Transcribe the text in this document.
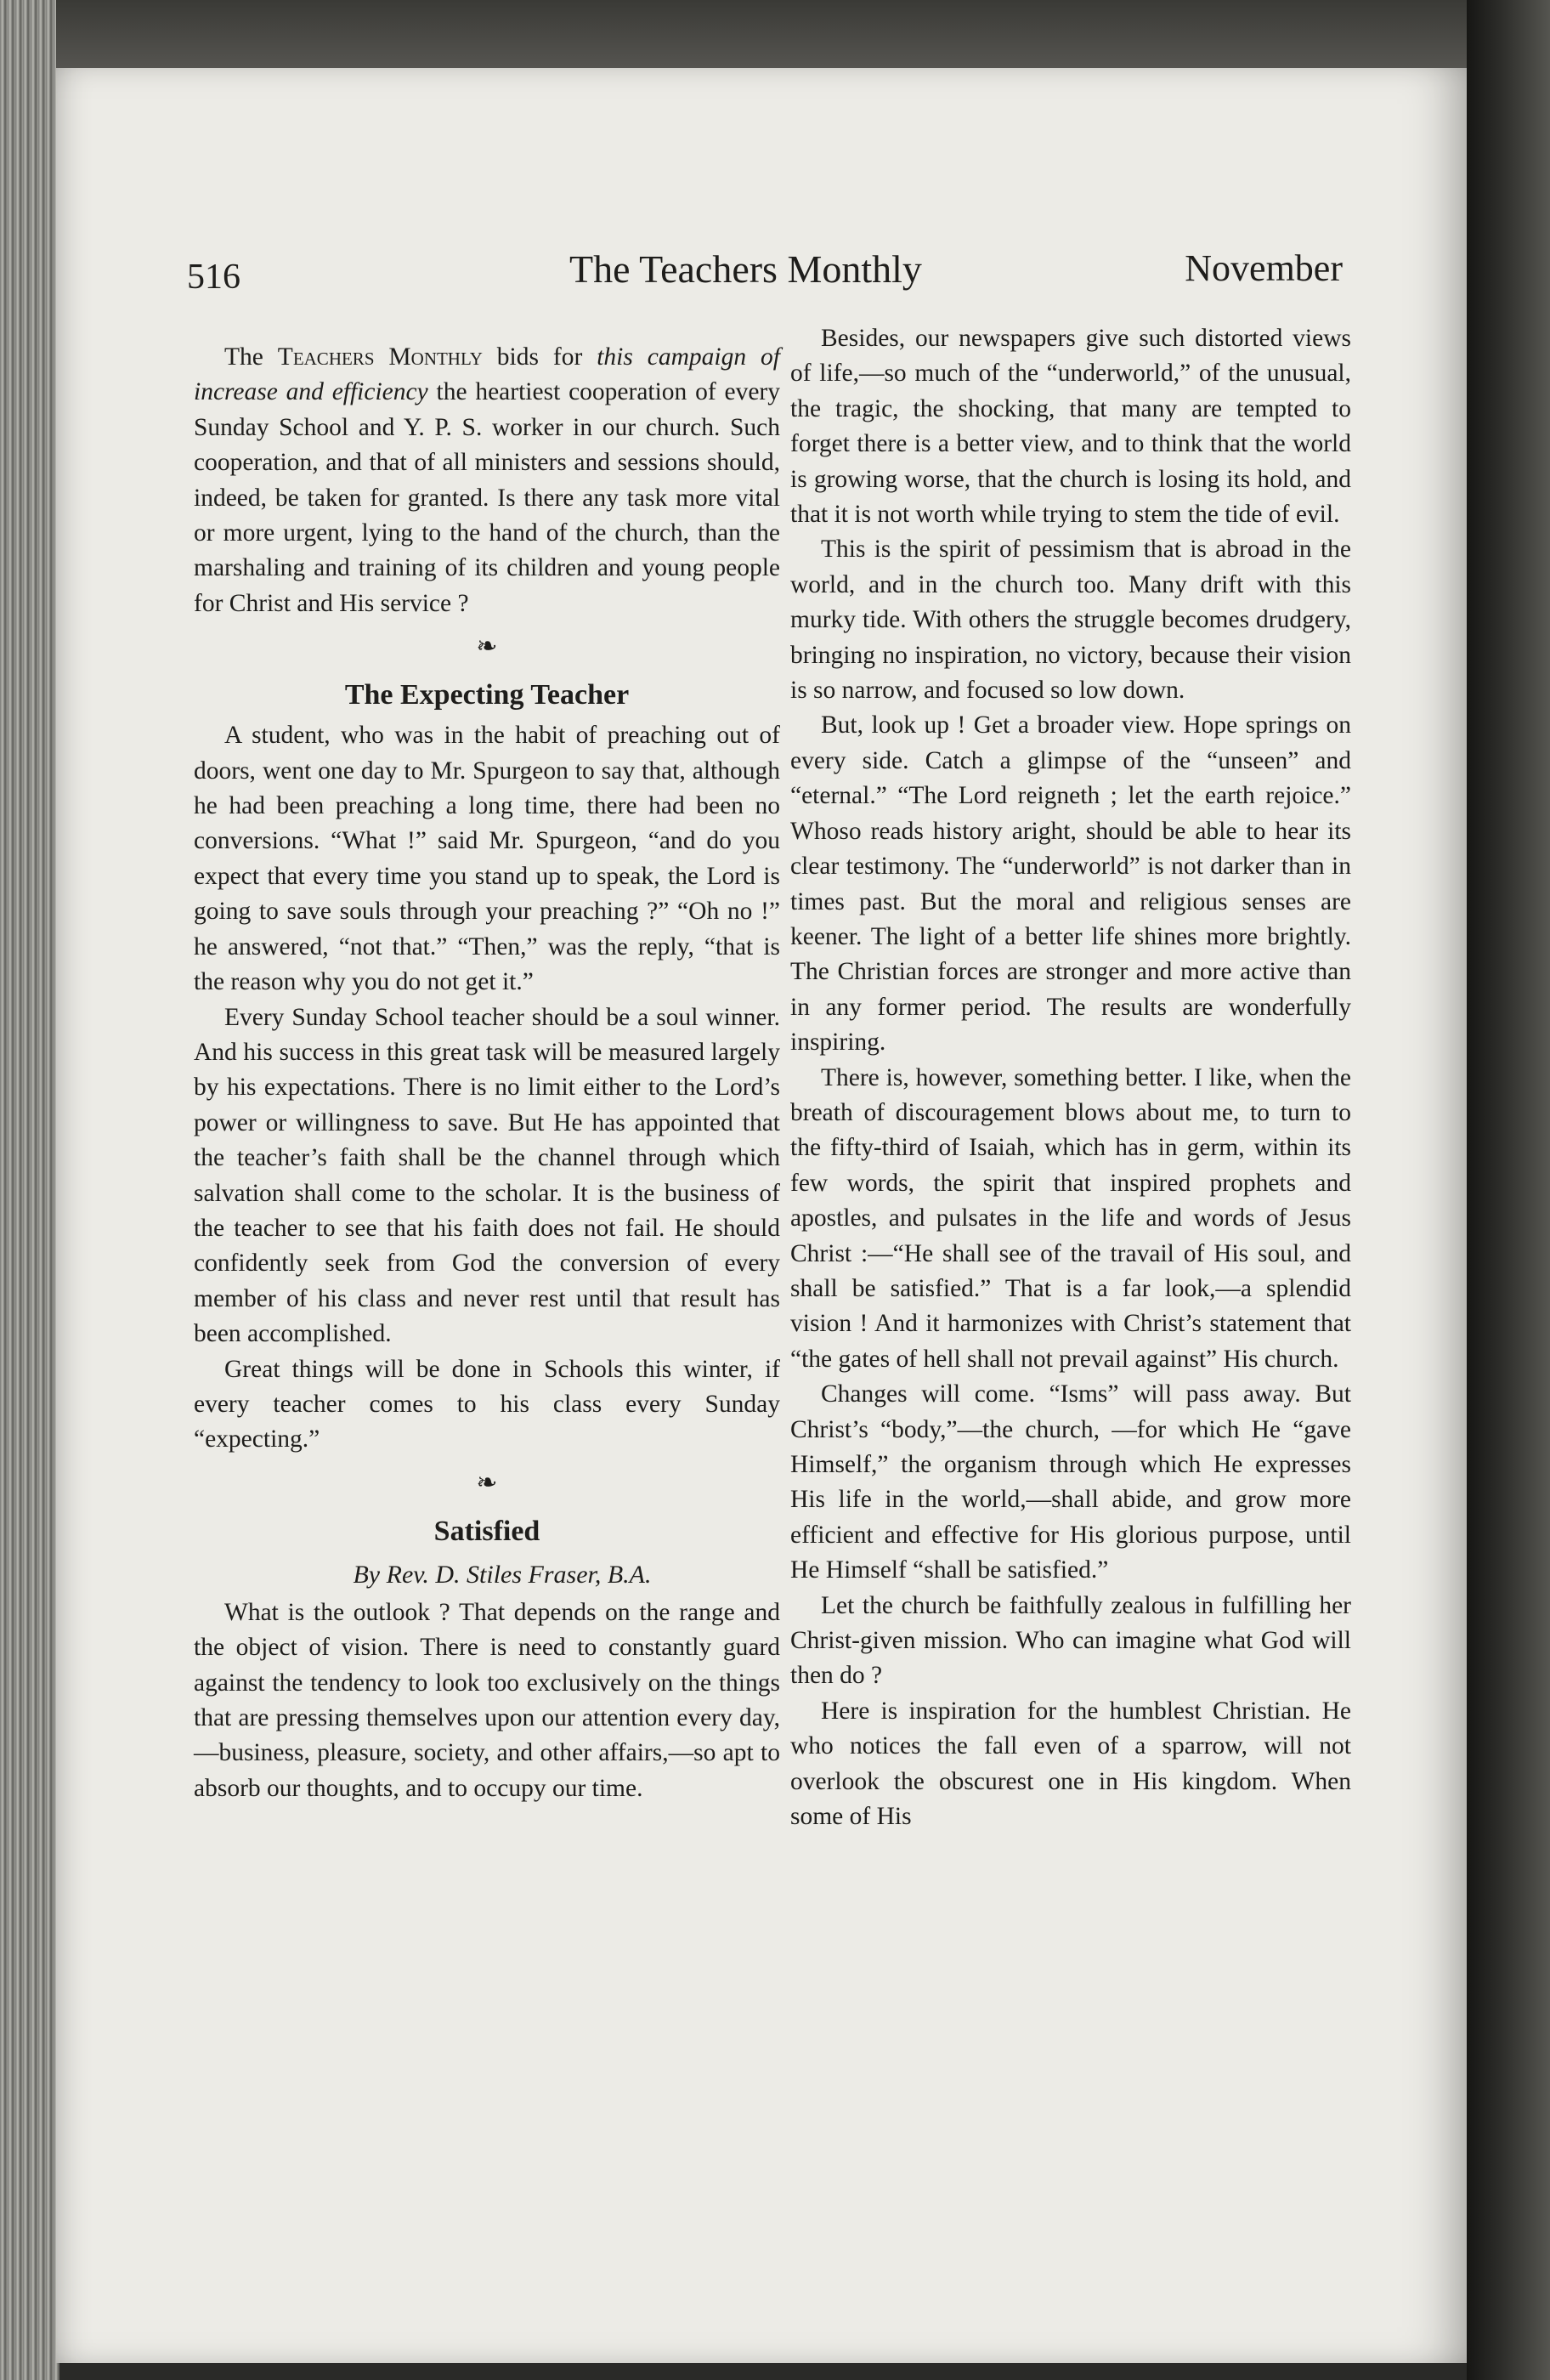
516	The Teachers Monthly	November

The Teachers Monthly bids for this campaign of increase and efficiency the heartiest cooperation of every Sunday School and Y. P. S. worker in our church. Such cooperation, and that of all ministers and sessions should, indeed, be taken for granted. Is there any task more vital or more urgent, lying to the hand of the church, than the marshaling and training of its children and young people for Christ and His service ?

❧
The Expecting Teacher

A student, who was in the habit of preaching out of doors, went one day to Mr. Spurgeon to say that, although he had been preaching a long time, there had been no conversions. “What !” said Mr. Spurgeon, “and do you expect that every time you stand up to speak, the Lord is going to save souls through your preaching ?” “Oh no !” he answered, “not that.” “Then,” was the reply, “that is the reason why you do not get it.”

Every Sunday School teacher should be a soul winner. And his success in this great task will be measured largely by his expectations. There is no limit either to the Lord’s power or willingness to save. But He has appointed that the teacher’s faith shall be the channel through which salvation shall come to the scholar. It is the business of the teacher to see that his faith does not fail. He should confidently seek from God the conversion of every member of his class and never rest until that result has been accomplished.

Great things will be done in Schools this winter, if every teacher comes to his class every Sunday “expecting.”

❧
Satisfied

By Rev. D. Stiles Fraser, B.A.

What is the outlook ? That depends on the range and the object of vision. There is need to constantly guard against the tendency to look too exclusively on the things that are pressing themselves upon our attention every day,—business, pleasure, society, and other affairs,—so apt to absorb our thoughts, and to occupy our time.

Besides, our newspapers give such distorted views of life,—so much of the “underworld,” of the unusual, the tragic, the shocking, that many are tempted to forget there is a better view, and to think that the world is growing worse, that the church is losing its hold, and that it is not worth while trying to stem the tide of evil.

This is the spirit of pessimism that is abroad in the world, and in the church too. Many drift with this murky tide. With others the struggle becomes drudgery, bringing no inspiration, no victory, because their vision is so narrow, and focused so low down.

But, look up ! Get a broader view. Hope springs on every side. Catch a glimpse of the “unseen” and “eternal.” “The Lord reigneth ; let the earth rejoice.” Whoso reads history aright, should be able to hear its clear testimony. The “underworld” is not darker than in times past. But the moral and religious senses are keener. The light of a better life shines more brightly. The Christian forces are stronger and more active than in any former period. The results are wonderfully inspiring.

There is, however, something better. I like, when the breath of discouragement blows about me, to turn to the fifty-third of Isaiah, which has in germ, within its few words, the spirit that inspired prophets and apostles, and pulsates in the life and words of Jesus Christ :—“He shall see of the travail of His soul, and shall be satisfied.” That is a far look,—a splendid vision ! And it harmonizes with Christ’s statement that “the gates of hell shall not prevail against” His church.

Changes will come. “Isms” will pass away. But Christ’s “body,”—the church, —for which He “gave Himself,” the organism through which He expresses His life in the world,—shall abide, and grow more efficient and effective for His glorious purpose, until He Himself “shall be satisfied.”

Let the church be faithfully zealous in fulfilling her Christ-given mission. Who can imagine what God will then do ?

Here is inspiration for the humblest Christian. He who notices the fall even of a sparrow, will not overlook the obscurest one in His kingdom. When some of His
